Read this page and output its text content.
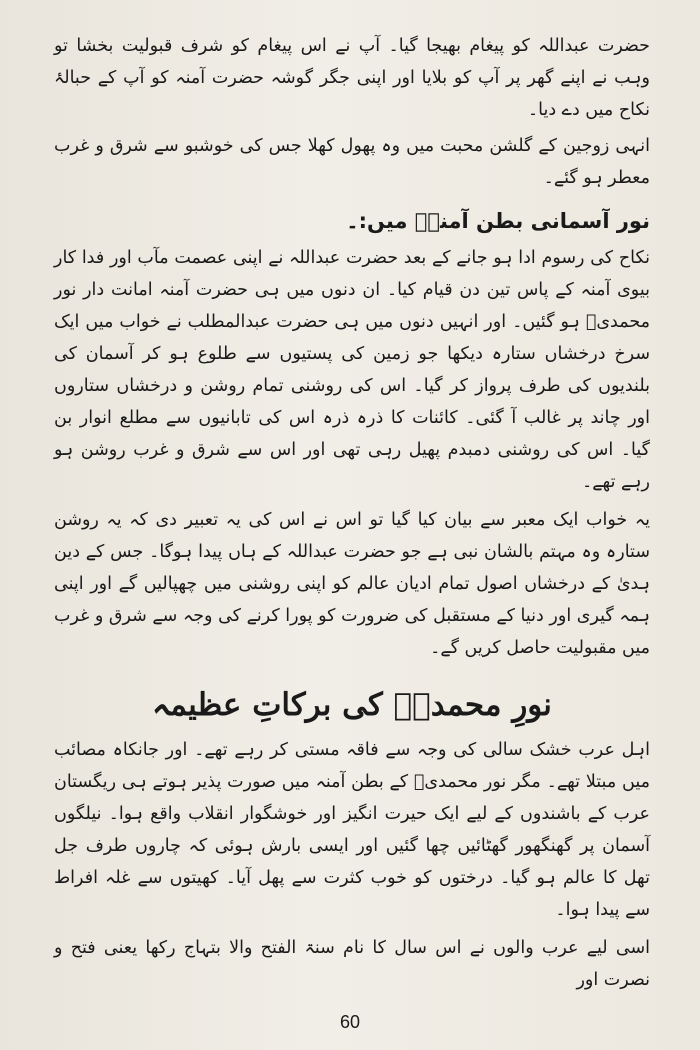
حضرت عبداللہ کو پیغام بھیجا گیا۔ آپ نے اس پیغام کو شرف قبولیت بخشا تو وہب نے اپنے گھر پر آپ کو بلایا اور اپنی جگر گوشہ حضرت آمنہ کو آپ کے حبالۂ نکاح میں دے دیا۔

انہی زوجین کے گلشن محبت میں وہ پھول کھلا جس کی خوشبو سے شرق و غرب معطر ہو گئے۔

نور آسمانی بطن آمنہؓ میں:۔

نکاح کی رسوم ادا ہو جانے کے بعد حضرت عبداللہ نے اپنی عصمت مآب اور فدا کار بیوی آمنہ کے پاس تین دن قیام کیا۔ ان دنوں میں ہی حضرت آمنہ امانت دار نور محمدیؐ ہو گئیں۔ اور انہیں دنوں میں ہی حضرت عبدالمطلب نے خواب میں ایک سرخ درخشاں ستارہ دیکھا جو زمین کی پستیوں سے طلوع ہو کر آسمان کی بلندیوں کی طرف پرواز کر گیا۔ اس کی روشنی تمام روشن و درخشاں ستاروں اور چاند پر غالب آ گئی۔ کائنات کا ذرہ ذرہ اس کی تابانیوں سے مطلع انوار بن گیا۔ اس کی روشنی دمبدم پھیل رہی تھی اور اس سے شرق و غرب روشن ہو رہے تھے۔

یہ خواب ایک معبر سے بیان کیا گیا تو اس نے اس کی یہ تعبیر دی کہ یہ روشن ستارہ وہ مہتم بالشان نبی ہے جو حضرت عبداللہ کے ہاں پیدا ہوگا۔ جس کے دین ہدیٰ کے درخشاں اصول تمام ادیان عالم کو اپنی روشنی میں چھپالیں گے اور اپنی ہمہ گیری اور دنیا کے مستقبل کی ضرورت کو پورا کرنے کی وجہ سے شرق و غرب میں مقبولیت حاصل کریں گے۔

نورِ محمدیؐ کی برکاتِ عظیمہ

اہل عرب خشک سالی کی وجہ سے فاقہ مستی کر رہے تھے۔ اور جانکاہ مصائب میں مبتلا تھے۔ مگر نور محمدیؐ کے بطن آمنہ میں صورت پذیر ہوتے ہی ریگستان عرب کے باشندوں کے لیے ایک حیرت انگیز اور خوشگوار انقلاب واقع ہوا۔ نیلگوں آسمان پر گھنگھور گھٹائیں چھا گئیں اور ایسی بارش ہوئی کہ چاروں طرف جل تھل کا عالم ہو گیا۔ درختوں کو خوب کثرت سے پھل آیا۔ کھیتوں سے غلہ افراط سے پیدا ہوا۔

اسی لیے عرب والوں نے اس سال کا نام سنۃ الفتح والا بتہاج رکھا یعنی فتح و نصرت اور

60
